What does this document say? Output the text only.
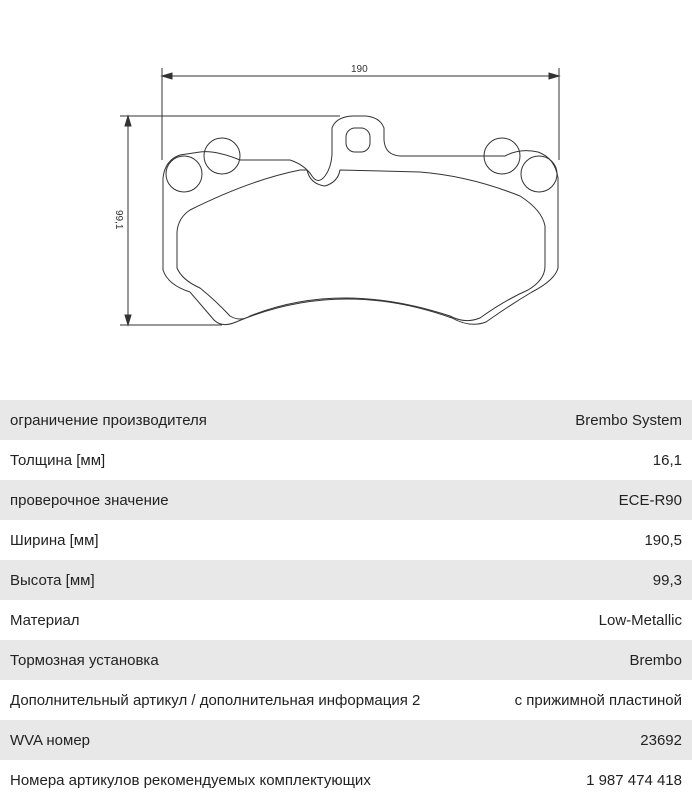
190
99,1
ограничение производителя	Brembo System
Толщина [мм]	16,1
проверочное значение	ECE-R90
Ширина [мм]	190,5
Высота [мм]	99,3
Материал	Low-Metallic
Тормозная установка	Brembo
Дополнительный артикул / дополнительная информация 2	с прижимной пластиной
WVA номер	23692
Номера артикулов рекомендуемых комплектующих	1 987 474 418
